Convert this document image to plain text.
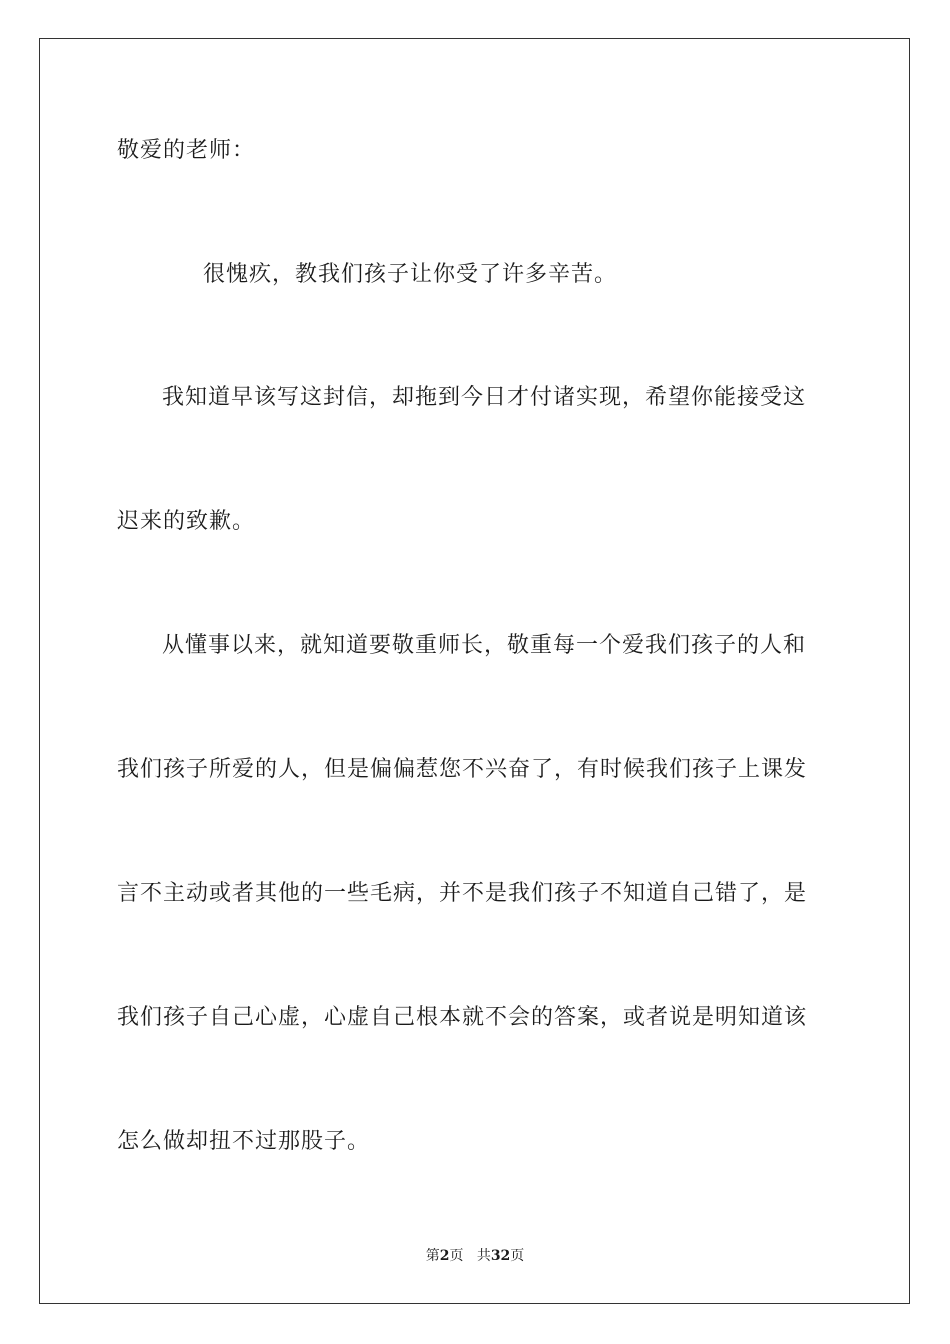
敬爱的老师：
很愧疚，教我们孩子让你受了许多辛苦。
我知道早该写这封信，却拖到今日才付诸实现，希望你能接受这
迟来的致歉。
从懂事以来，就知道要敬重师长，敬重每一个爱我们孩子的人和
我们孩子所爱的人，但是偏偏惹您不兴奋了，有时候我们孩子上课发
言不主动或者其他的一些毛病，并不是我们孩子不知道自己错了，是
我们孩子自己心虚，心虚自己根本就不会的答案，或者说是明知道该
怎么做却扭不过那股子。
第2页 共32页
